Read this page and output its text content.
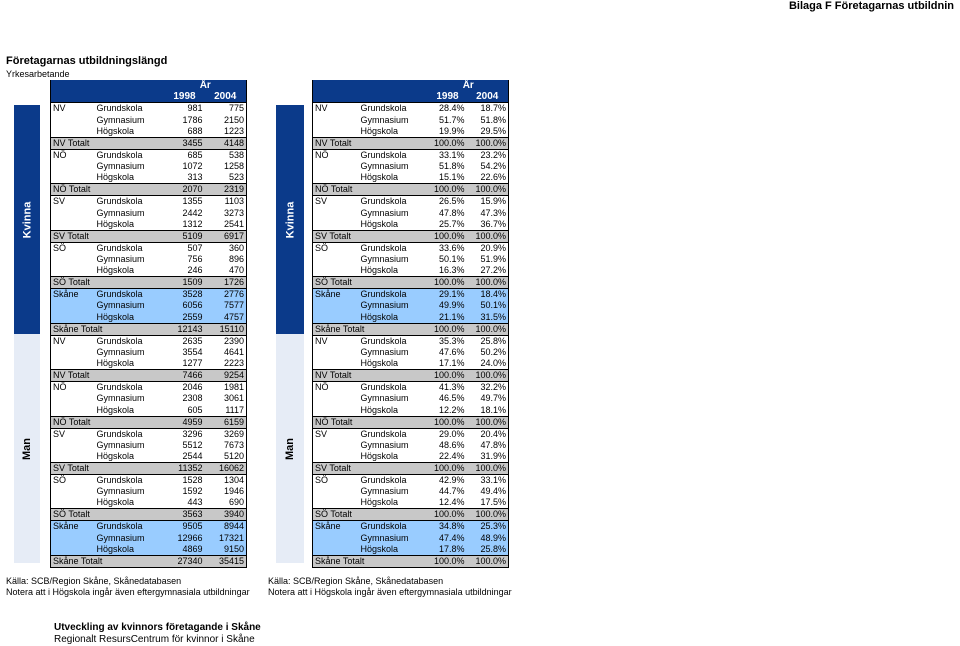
Bilaga F Företagarnas utbildnin
Företagarnas utbildningslängd
Yrkesarbetande
Kvinna
Man
Kvinna
Man
		År	
		1998	2004
NV	Grundskola	981	775
	Gymnasium	1786	2150
	Högskola	688	1223
NV Totalt		3455	4148
NÖ	Grundskola	685	538
	Gymnasium	1072	1258
	Högskola	313	523
NÖ Totalt		2070	2319
SV	Grundskola	1355	1103
	Gymnasium	2442	3273
	Högskola	1312	2541
SV Totalt		5109	6917
SÖ	Grundskola	507	360
	Gymnasium	756	896
	Högskola	246	470
SÖ Totalt		1509	1726
Skåne	Grundskola	3528	2776
	Gymnasium	6056	7577
	Högskola	2559	4757
Skåne Totalt		12143	15110
NV	Grundskola	2635	2390
	Gymnasium	3554	4641
	Högskola	1277	2223
NV Totalt		7466	9254
NÖ	Grundskola	2046	1981
	Gymnasium	2308	3061
	Högskola	605	1117
NÖ Totalt		4959	6159
SV	Grundskola	3296	3269
	Gymnasium	5512	7673
	Högskola	2544	5120
SV Totalt		11352	16062
SÖ	Grundskola	1528	1304
	Gymnasium	1592	1946
	Högskola	443	690
SÖ Totalt		3563	3940
Skåne	Grundskola	9505	8944
	Gymnasium	12966	17321
	Högskola	4869	9150
Skåne Totalt		27340	35415
		År	
		1998	2004
NV	Grundskola	28.4%	18.7%
	Gymnasium	51.7%	51.8%
	Högskola	19.9%	29.5%
NV Totalt		100.0%	100.0%
NÖ	Grundskola	33.1%	23.2%
	Gymnasium	51.8%	54.2%
	Högskola	15.1%	22.6%
NÖ Totalt		100.0%	100.0%
SV	Grundskola	26.5%	15.9%
	Gymnasium	47.8%	47.3%
	Högskola	25.7%	36.7%
SV Totalt		100.0%	100.0%
SÖ	Grundskola	33.6%	20.9%
	Gymnasium	50.1%	51.9%
	Högskola	16.3%	27.2%
SÖ Totalt		100.0%	100.0%
Skåne	Grundskola	29.1%	18.4%
	Gymnasium	49.9%	50.1%
	Högskola	21.1%	31.5%
Skåne Totalt		100.0%	100.0%
NV	Grundskola	35.3%	25.8%
	Gymnasium	47.6%	50.2%
	Högskola	17.1%	24.0%
NV Totalt		100.0%	100.0%
NÖ	Grundskola	41.3%	32.2%
	Gymnasium	46.5%	49.7%
	Högskola	12.2%	18.1%
NÖ Totalt		100.0%	100.0%
SV	Grundskola	29.0%	20.4%
	Gymnasium	48.6%	47.8%
	Högskola	22.4%	31.9%
SV Totalt		100.0%	100.0%
SÖ	Grundskola	42.9%	33.1%
	Gymnasium	44.7%	49.4%
	Högskola	12.4%	17.5%
SÖ Totalt		100.0%	100.0%
Skåne	Grundskola	34.8%	25.3%
	Gymnasium	47.4%	48.9%
	Högskola	17.8%	25.8%
Skåne Totalt		100.0%	100.0%
Källa: SCB/Region Skåne, Skånedatabasen
Notera att i Högskola ingår även eftergymnasiala utbildningar
Källa: SCB/Region Skåne, Skånedatabasen
Notera att i Högskola ingår även eftergymnasiala utbildningar
Utveckling av kvinnors företagande i Skåne
Regionalt ResursCentrum för kvinnor i Skåne
